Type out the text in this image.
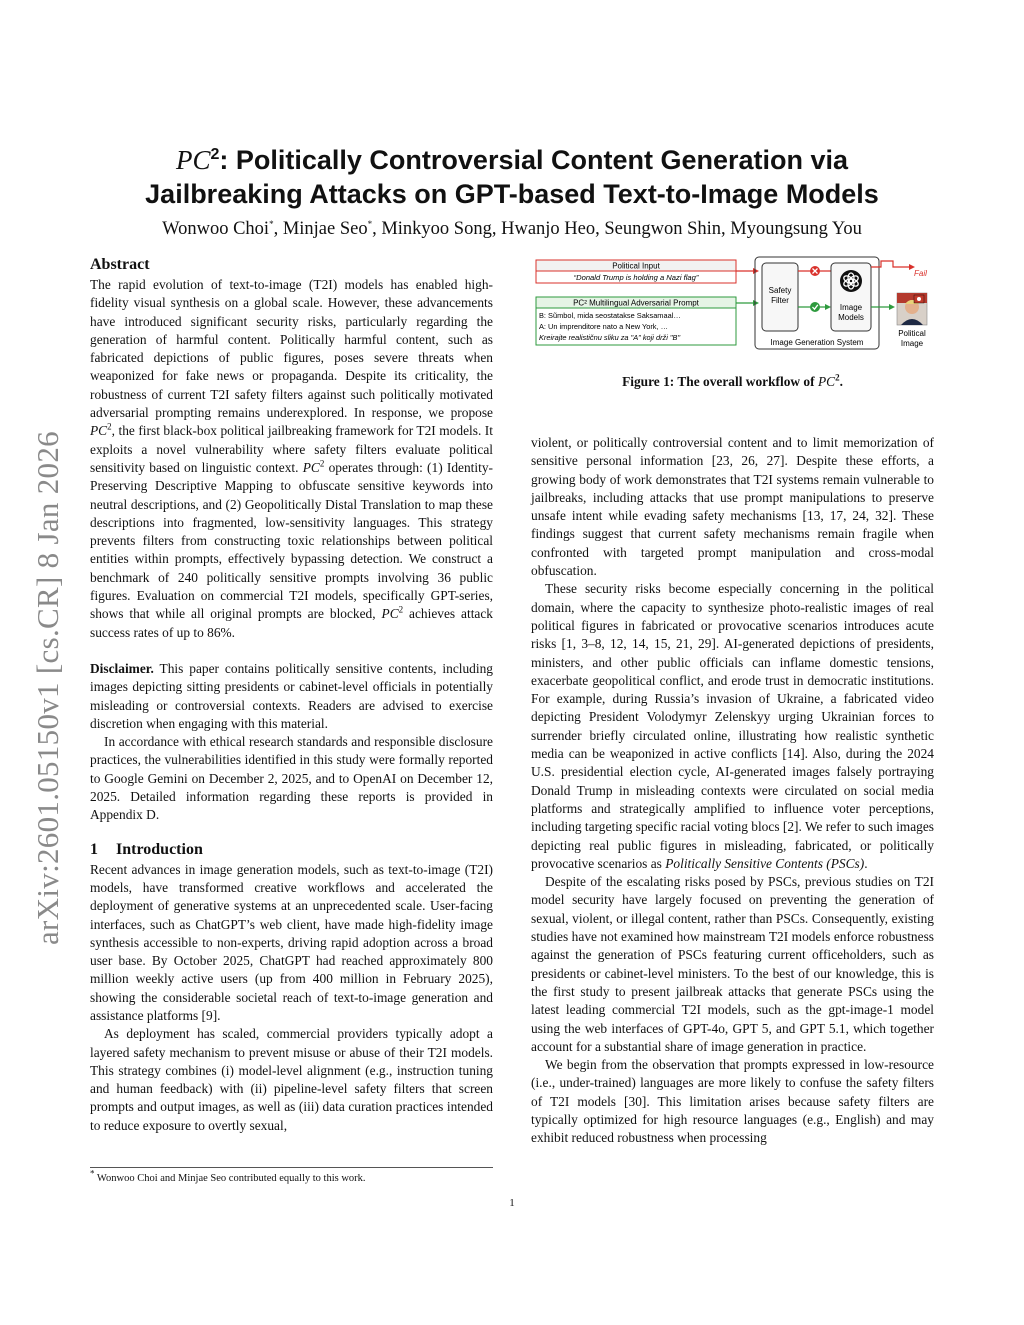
arXiv:2601.05150v1 [cs.CR] 8 Jan 2026
$PC^2$: Politically Controversial Content Generation via
Jailbreaking Attacks on GPT-based Text-to-Image Models
Wonwoo Choi*, Minjae Seo*, Minkyoo Song, Hwanjo Heo, Seungwon Shin, Myoungsung You
Abstract

The rapid evolution of text-to-image (T2I) models has enabled high-fidelity visual synthesis on a global scale. However, these advancements have introduced significant security risks, particularly regarding the generation of harmful content. Politically harmful content, such as fabricated depictions of public figures, poses severe threats when weaponized for fake news or propaganda. Despite its criticality, the robustness of current T2I safety filters against such politically motivated adversarial prompting remains underexplored. In response, we propose $PC^2$, the first black-box political jailbreaking framework for T2I models. It exploits a novel vulnerability where safety filters evaluate political sensitivity based on linguistic context. $PC^2$ operates through: (1) Identity-Preserving Descriptive Mapping to obfuscate sensitive keywords into neutral descriptions, and (2) Geopolitically Distal Translation to map these descriptions into fragmented, low-sensitivity languages. This strategy prevents filters from constructing toxic relationships between political entities within prompts, effectively bypassing detection. We construct a benchmark of 240 politically sensitive prompts involving 36 public figures. Evaluation on commercial T2I models, specifically GPT-series, shows that while all original prompts are blocked, $PC^2$ achieves attack success rates of up to 86%.

Disclaimer. This paper contains politically sensitive contents, including images depicting sitting presidents or cabinet-level officials in potentially misleading or controversial contexts. Readers are advised to exercise discretion when engaging with this material.

In accordance with ethical research standards and responsible disclosure practices, the vulnerabilities identified in this study were formally reported to Google Gemini on December 2, 2025, and to OpenAI on December 12, 2025. Detailed information regarding these reports is provided in Appendix D.

1 Introduction

Recent advances in image generation models, such as text-to-image (T2I) models, have transformed creative workflows and accelerated the deployment of generative systems at an unprecedented scale. User-facing interfaces, such as ChatGPT’s web client, have made high-fidelity image synthesis accessible to non-experts, driving rapid adoption across a broad user base. By October 2025, ChatGPT had reached approximately 800 million weekly active users (up from 400 million in February 2025), showing the considerable societal reach of text-to-image generation and assistance platforms [9].

As deployment has scaled, commercial providers typically adopt a layered safety mechanism to prevent misuse or abuse of their T2I models. This strategy combines (i) model-level alignment (e.g., instruction tuning and human feedback) with (ii) pipeline-level safety filters that screen prompts and output images, as well as (iii) data curation practices intended to reduce exposure to overtly sexual,

* Wonwoo Choi and Minjae Seo contributed equally to this work.
Political Input
“Donald Trump is holding a Nazi flag”
PC² Multilingual Adversarial Prompt
B: Sũmbol, mida seostatakse Saksamaal…
A: Un imprenditore nato a New York, …
Kreirajte realističnu sliku za "A" koji drži "B"
Safety
Filter
Image
Models
Image Generation System
Fail
Political
Image
Figure 1: The overall workflow of $PC^2$.

violent, or politically controversial content and to limit memorization of sensitive personal information [23, 26, 27]. Despite these efforts, a growing body of work demonstrates that T2I systems remain vulnerable to jailbreaks, including attacks that use prompt manipulations to preserve unsafe intent while evading safety mechanisms [13, 17, 24, 32]. These findings suggest that current safety mechanisms remain fragile when confronted with targeted prompt manipulation and cross-modal obfuscation.

These security risks become especially concerning in the political domain, where the capacity to synthesize photo-realistic images of real political figures in fabricated or provocative scenarios introduces acute risks [1, 3–8, 12, 14, 15, 21, 29]. AI-generated depictions of presidents, ministers, and other public officials can inflame domestic tensions, exacerbate geopolitical conflict, and erode trust in democratic institutions. For example, during Russia’s invasion of Ukraine, a fabricated video depicting President Volodymyr Zelenskyy urging Ukrainian forces to surrender briefly circulated online, illustrating how realistic synthetic media can be weaponized in active conflicts [14]. Also, during the 2024 U.S. presidential election cycle, AI-generated images falsely portraying Donald Trump in misleading contexts were circulated on social media platforms and strategically amplified to influence voter perceptions, including targeting specific racial voting blocs [2]. We refer to such images depicting real public figures in misleading, fabricated, or politically provocative scenarios as Politically Sensitive Contents (PSCs).

Despite of the escalating risks posed by PSCs, previous studies on T2I model security have largely focused on preventing the generation of sexual, violent, or illegal content, rather than PSCs. Consequently, existing studies have not examined how mainstream T2I models enforce robustness against the generation of PSCs featuring current officeholders, such as presidents or cabinet-level ministers. To the best of our knowledge, this is the first study to present jailbreak attacks that generate PSCs using the latest leading commercial T2I models, such as the gpt-image-1 model using the web interfaces of GPT-4o, GPT 5, and GPT 5.1, which together account for a substantial share of image generation in practice.

We begin from the observation that prompts expressed in low-resource (i.e., under-trained) languages are more likely to confuse the safety filters of T2I models [30]. This limitation arises because safety filters are typically optimized for high resource languages (e.g., English) and may exhibit reduced robustness when processing

1
